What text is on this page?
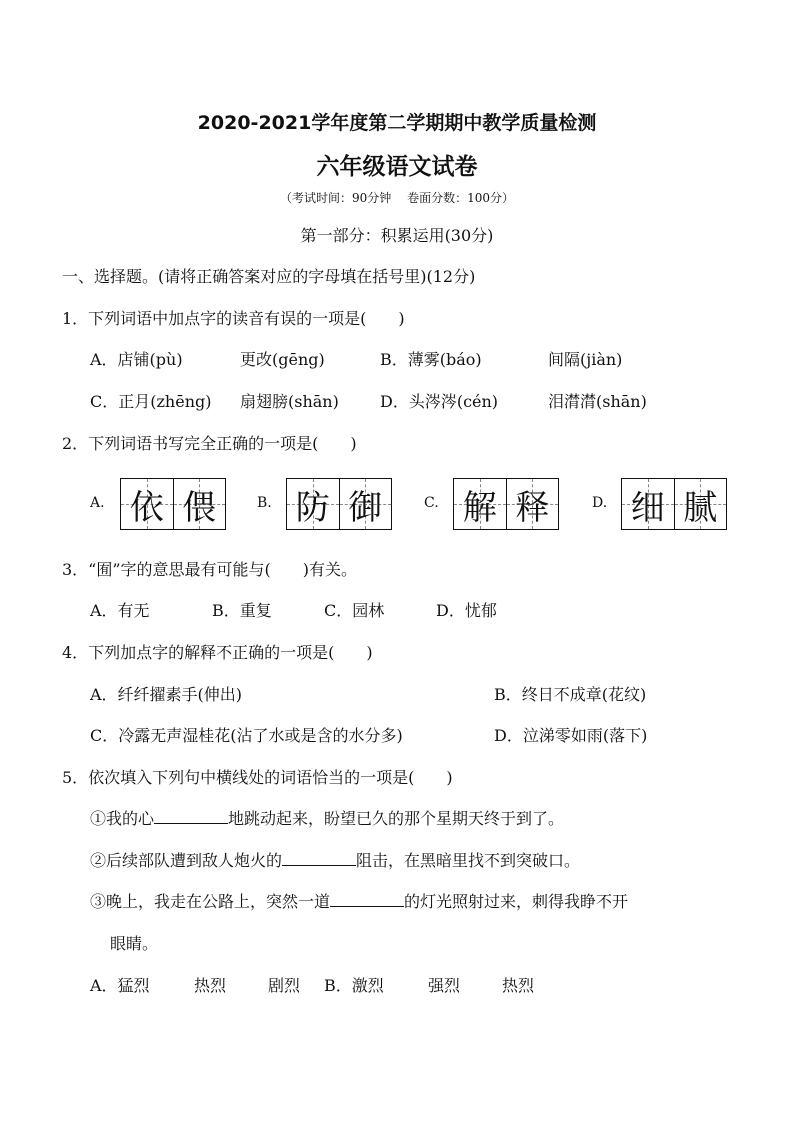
2020-2021学年度第二学期期中教学质量检测
六年级语文试卷
（考试时间：90分钟　 卷面分数：100分）
第一部分：积累运用(30分)
一、选择题。(请将正确答案对应的字母填在括号里)(12分)
1．下列词语中加点字的读音有误的一项是(　　)
A．店铺(pù)	更改(gēng)	B．薄雾(báo)	间隔(jiàn)
C．正月(zhēng) 扇翅膀(shān)	D．头涔涔(cén)	泪潸潸(shān)
2．下列词语书写完全正确的一项是(　　)
A. 依 偎	B. 防 御	C. 解 释	D. 细 腻
3．“囿”字的意思最有可能与(　　)有关。
A．有无	B．重复	C．园林	D．忧郁
4．下列加点字的解释不正确的一项是(　　)
A．纤纤擢素手(伸出)	B．终日不成章(花纹)
C．冷露无声湿桂花(沾了水或是含的水分多)	D．泣涕零如雨(落下)
5．依次填入下列句中横线处的词语恰当的一项是(　　)
①我的心	地跳动起来，盼望已久的那个星期天终于到了。
②后续部队遭到敌人炮火的	阻击，在黑暗里找不到突破口。
③晚上，我走在公路上，突然一道	的灯光照射过来，刺得我睁不开
眼睛。
A．猛烈	热烈	剧烈 B．激烈	强烈	热烈
